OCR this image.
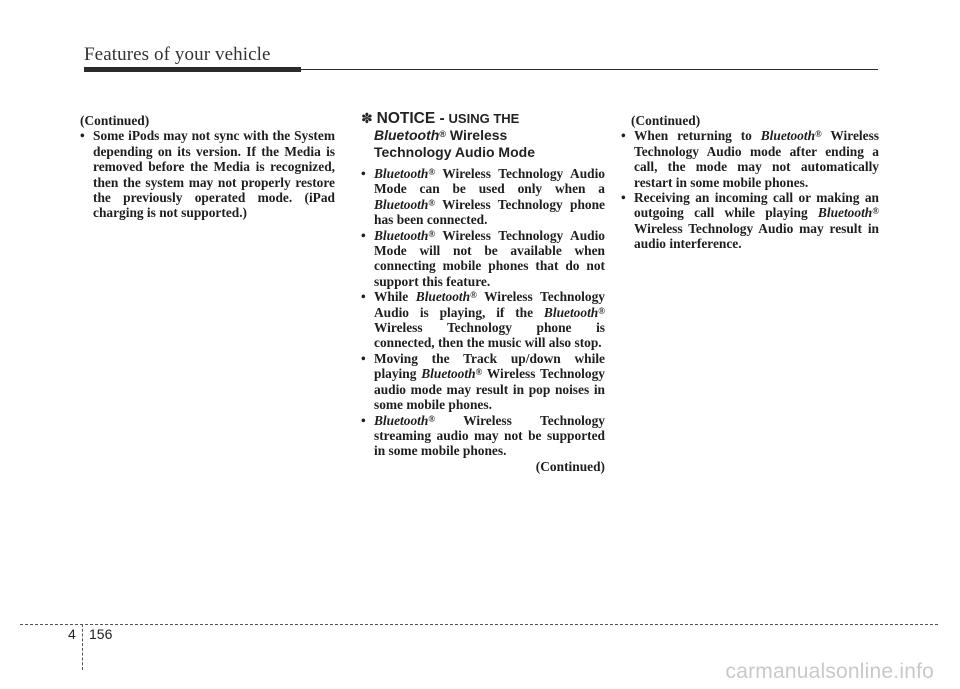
Features of your vehicle

(Continued)

• Some iPods may not sync with the System depending on its version. If the Media is removed before the Media is recognized, then the system may not properly restore the previously operated mode. (iPad charging is not supported.)

✽ NOTICE - USING THE
Bluetooth® Wireless
Technology Audio Mode

• Bluetooth® Wireless Technology Audio Mode can be used only when a Bluetooth® Wireless Technology phone has been connected.

• Bluetooth® Wireless Technology Audio Mode will not be available when connecting mobile phones that do not support this feature.

• While Bluetooth® Wireless Technology Audio is playing, if the Bluetooth® Wireless Technology phone is connected, then the music will also stop.

• Moving the Track up/down while playing Bluetooth® Wireless Technology audio mode may result in pop noises in some mobile phones.

• Bluetooth® Wireless Technology streaming audio may not be supported in some mobile phones.

(Continued)

(Continued)

• When returning to Bluetooth® Wireless Technology Audio mode after ending a call, the mode may not automatically restart in some mobile phones.

• Receiving an incoming call or making an outgoing call while playing Bluetooth® Wireless Technology Audio may result in audio interference.

4 156
carmanualsonline.info
